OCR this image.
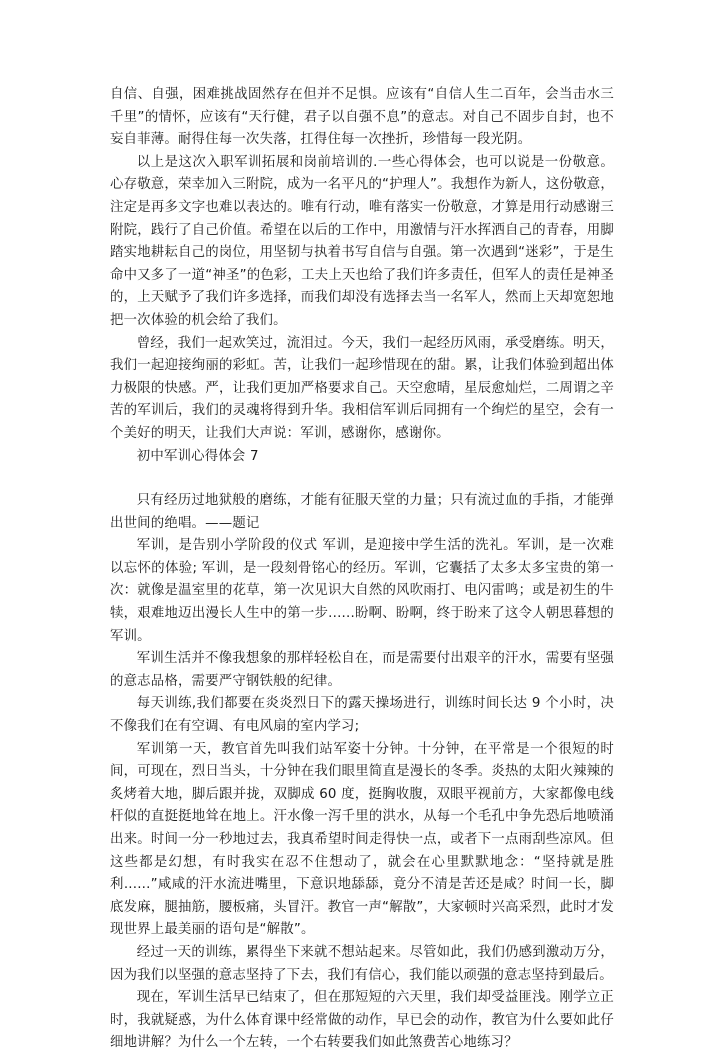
自信、自强，困难挑战固然存在但并不足惧。应该有“自信人生二百年，会当击水三千里”的情怀，应该有“天行健，君子以自强不息”的意志。对自己不固步自封，也不妄自菲薄。耐得住每一次失落，扛得住每一次挫折，珍惜每一段光阴。

以上是这次入职军训拓展和岗前培训的.一些心得体会，也可以说是一份敬意。心存敬意，荣幸加入三附院，成为一名平凡的“护理人”。我想作为新人，这份敬意，注定是再多文字也难以表达的。唯有行动，唯有落实一份敬意，才算是用行动感谢三附院，践行了自己价值。希望在以后的工作中，用激情与汗水挥洒自己的青春，用脚踏实地耕耘自己的岗位，用坚韧与执着书写自信与自强。第一次遇到“迷彩”，于是生命中又多了一道“神圣”的色彩，工夫上天也给了我们许多责任，但军人的责任是神圣的，上天赋予了我们许多选择，而我们却没有选择去当一名军人，然而上天却宽恕地把一次体验的机会给了我们。

曾经，我们一起欢笑过，流泪过。今天，我们一起经历风雨，承受磨练。明天，我们一起迎接绚丽的彩虹。苦，让我们一起珍惜现在的甜。累，让我们体验到超出体力极限的快感。严，让我们更加严格要求自己。天空愈晴，星辰愈灿烂，二周谓之辛苦的军训后，我们的灵魂将得到升华。我相信军训后同拥有一个绚烂的星空，会有一个美好的明天，让我们大声说：军训，感谢你，感谢你。

初中军训心得体会 7

只有经历过地狱般的磨练，才能有征服天堂的力量；只有流过血的手指，才能弹出世间的绝唱。——题记

军训，是告别小学阶段的仪式 军训，是迎接中学生活的洗礼。军训，是一次难以忘怀的体验; 军训，是一段刻骨铭心的经历。军训，它囊括了太多太多宝贵的第一次：就像是温室里的花草，第一次见识大自然的风吹雨打、电闪雷鸣；或是初生的牛犊，艰难地迈出漫长人生中的第一步......盼啊、盼啊，终于盼来了这令人朝思暮想的军训。

军训生活并不像我想象的那样轻松自在，而是需要付出艰辛的汗水，需要有坚强的意志品格，需要严守钢铁般的纪律。

每天训练,我们都要在炎炎烈日下的露天操场进行，训练时间长达 9 个小时，决不像我们在有空调、有电风扇的室内学习;

军训第一天，教官首先叫我们站军姿十分钟。十分钟，在平常是一个很短的时间，可现在，烈日当头，十分钟在我们眼里简直是漫长的冬季。炎热的太阳火辣辣的炙烤着大地，脚后跟并拢，双脚成 60 度，挺胸收腹，双眼平视前方，大家都像电线杆似的直挺挺地耸在地上。汗水像一泻千里的洪水，从每一个毛孔中争先恐后地喷涌出来。时间一分一秒地过去，我真希望时间走得快一点，或者下一点雨刮些凉风。但这些都是幻想，有时我实在忍不住想动了，就会在心里默默地念：“坚持就是胜利......”咸咸的汗水流进嘴里，下意识地舔舔，竟分不清是苦还是咸？时间一长，脚底发麻，腿抽筋，腰板痛，头冒汗。教官一声“解散”，大家顿时兴高采烈，此时才发现世界上最美丽的语句是“解散”。

经过一天的训练，累得坐下来就不想站起来。尽管如此，我们仍感到激动万分，因为我们以坚强的意志坚持了下去，我们有信心，我们能以顽强的意志坚持到最后。

现在，军训生活早已结束了，但在那短短的六天里，我们却受益匪浅。刚学立正时，我就疑惑，为什么体育课中经常做的动作，早已会的动作，教官为什么要如此仔细地讲解？为什么一个左转，一个右转要我们如此煞费苦心地练习？
